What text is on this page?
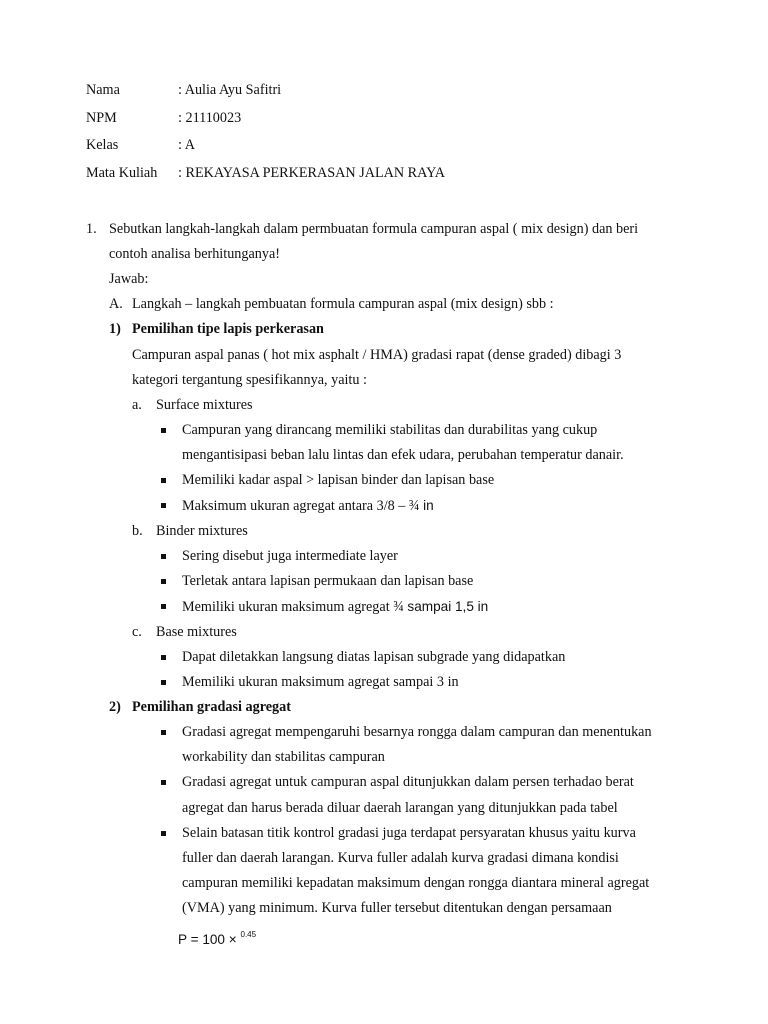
Nama	: Aulia Ayu Safitri
NPM	: 21110023
Kelas	: A
Mata Kuliah : REKAYASA PERKERASAN JALAN RAYA
1. Sebutkan langkah-langkah dalam permbuatan formula campuran aspal ( mix design) dan beri
contoh analisa berhitunganya!
Jawab:
A. Langkah – langkah pembuatan formula campuran aspal (mix design) sbb :
1) Pemilihan tipe lapis perkerasan
Campuran aspal panas ( hot mix asphalt / HMA) gradasi rapat (dense graded) dibagi 3
kategori tergantung spesifikannya, yaitu :
a. Surface mixtures
Campuran yang dirancang memiliki stabilitas dan durabilitas yang cukup
mengantisipasi beban lalu lintas dan efek udara, perubahan temperatur danair.
Memiliki kadar aspal > lapisan binder dan lapisan base
Maksimum ukuran agregat antara 3/8 – ¾ in
b. Binder mixtures
Sering disebut juga intermediate layer
Terletak antara lapisan permukaan dan lapisan base
Memiliki ukuran maksimum agregat ¾ sampai 1,5 in
c. Base mixtures
Dapat diletakkan langsung diatas lapisan subgrade yang didapatkan
Memiliki ukuran maksimum agregat sampai 3 in
2) Pemilihan gradasi agregat
Gradasi agregat mempengaruhi besarnya rongga dalam campuran dan menentukan
workability dan stabilitas campuran
Gradasi agregat untuk campuran aspal ditunjukkan dalam persen terhadao berat
agregat dan harus berada diluar daerah larangan yang ditunjukkan pada tabel
Selain batasan titik kontrol gradasi juga terdapat persyaratan khusus yaitu kurva
fuller dan daerah larangan. Kurva fuller adalah kurva gradasi dimana kondisi
campuran memiliki kepadatan maksimum dengan rongga diantara mineral agregat
(VMA) yang minimum. Kurva fuller tersebut ditentukan dengan persamaan
P = 100 × $^{0.45}$
